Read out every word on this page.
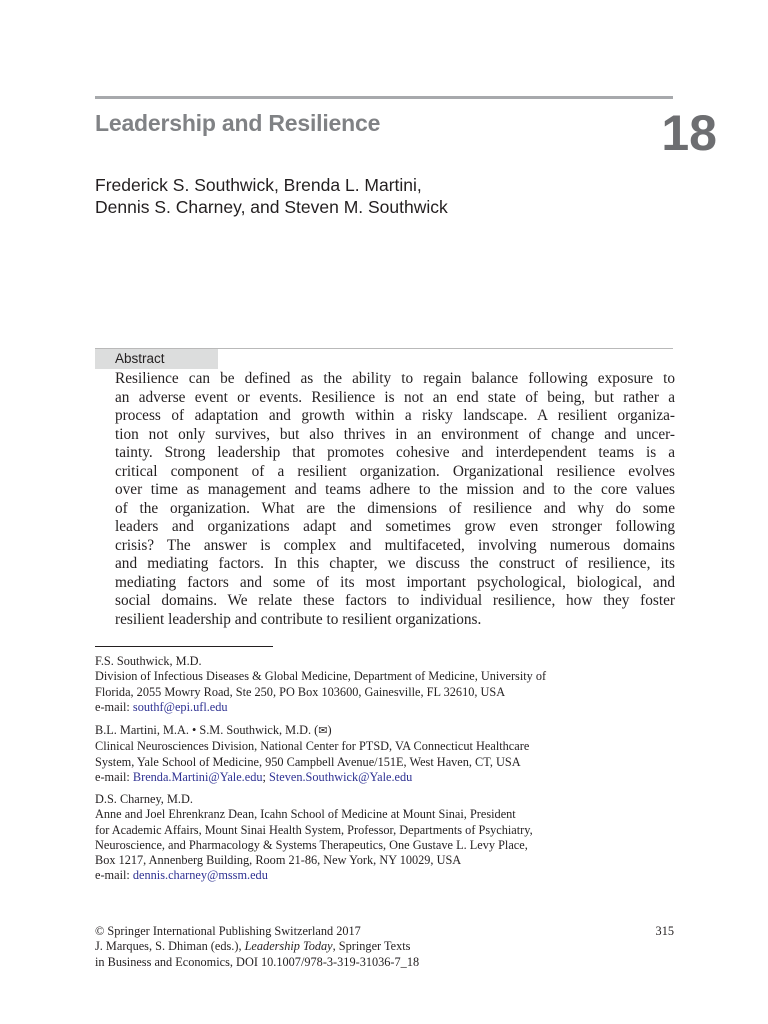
Leadership and Resilience	18
Frederick S. Southwick, Brenda L. Martini,
Dennis S. Charney, and Steven M. Southwick
Abstract
Resilience can be defined as the ability to regain balance following exposure to
an adverse event or events. Resilience is not an end state of being, but rather a
process of adaptation and growth within a risky landscape. A resilient organiza-
tion not only survives, but also thrives in an environment of change and uncer-
tainty. Strong leadership that promotes cohesive and interdependent teams is a
critical component of a resilient organization. Organizational resilience evolves
over time as management and teams adhere to the mission and to the core values
of the organization. What are the dimensions of resilience and why do some
leaders and organizations adapt and sometimes grow even stronger following
crisis? The answer is complex and multifaceted, involving numerous domains
and mediating factors. In this chapter, we discuss the construct of resilience, its
mediating factors and some of its most important psychological, biological, and
social domains. We relate these factors to individual resilience, how they foster
resilient leadership and contribute to resilient organizations.
F.S. Southwick, M.D.
Division of Infectious Diseases & Global Medicine, Department of Medicine, University of
Florida, 2055 Mowry Road, Ste 250, PO Box 103600, Gainesville, FL 32610, USA
e-mail: southf@epi.ufl.edu
B.L. Martini, M.A. • S.M. Southwick, M.D. (✉)
Clinical Neurosciences Division, National Center for PTSD, VA Connecticut Healthcare
System, Yale School of Medicine, 950 Campbell Avenue/151E, West Haven, CT, USA
e-mail: Brenda.Martini@Yale.edu; Steven.Southwick@Yale.edu
D.S. Charney, M.D.
Anne and Joel Ehrenkranz Dean, Icahn School of Medicine at Mount Sinai, President
for Academic Affairs, Mount Sinai Health System, Professor, Departments of Psychiatry,
Neuroscience, and Pharmacology & Systems Therapeutics, One Gustave L. Levy Place,
Box 1217, Annenberg Building, Room 21-86, New York, NY 10029, USA
e-mail: dennis.charney@mssm.edu
© Springer International Publishing Switzerland 2017
J. Marques, S. Dhiman (eds.), Leadership Today, Springer Texts
in Business and Economics, DOI 10.1007/978-3-319-31036-7_18
315
